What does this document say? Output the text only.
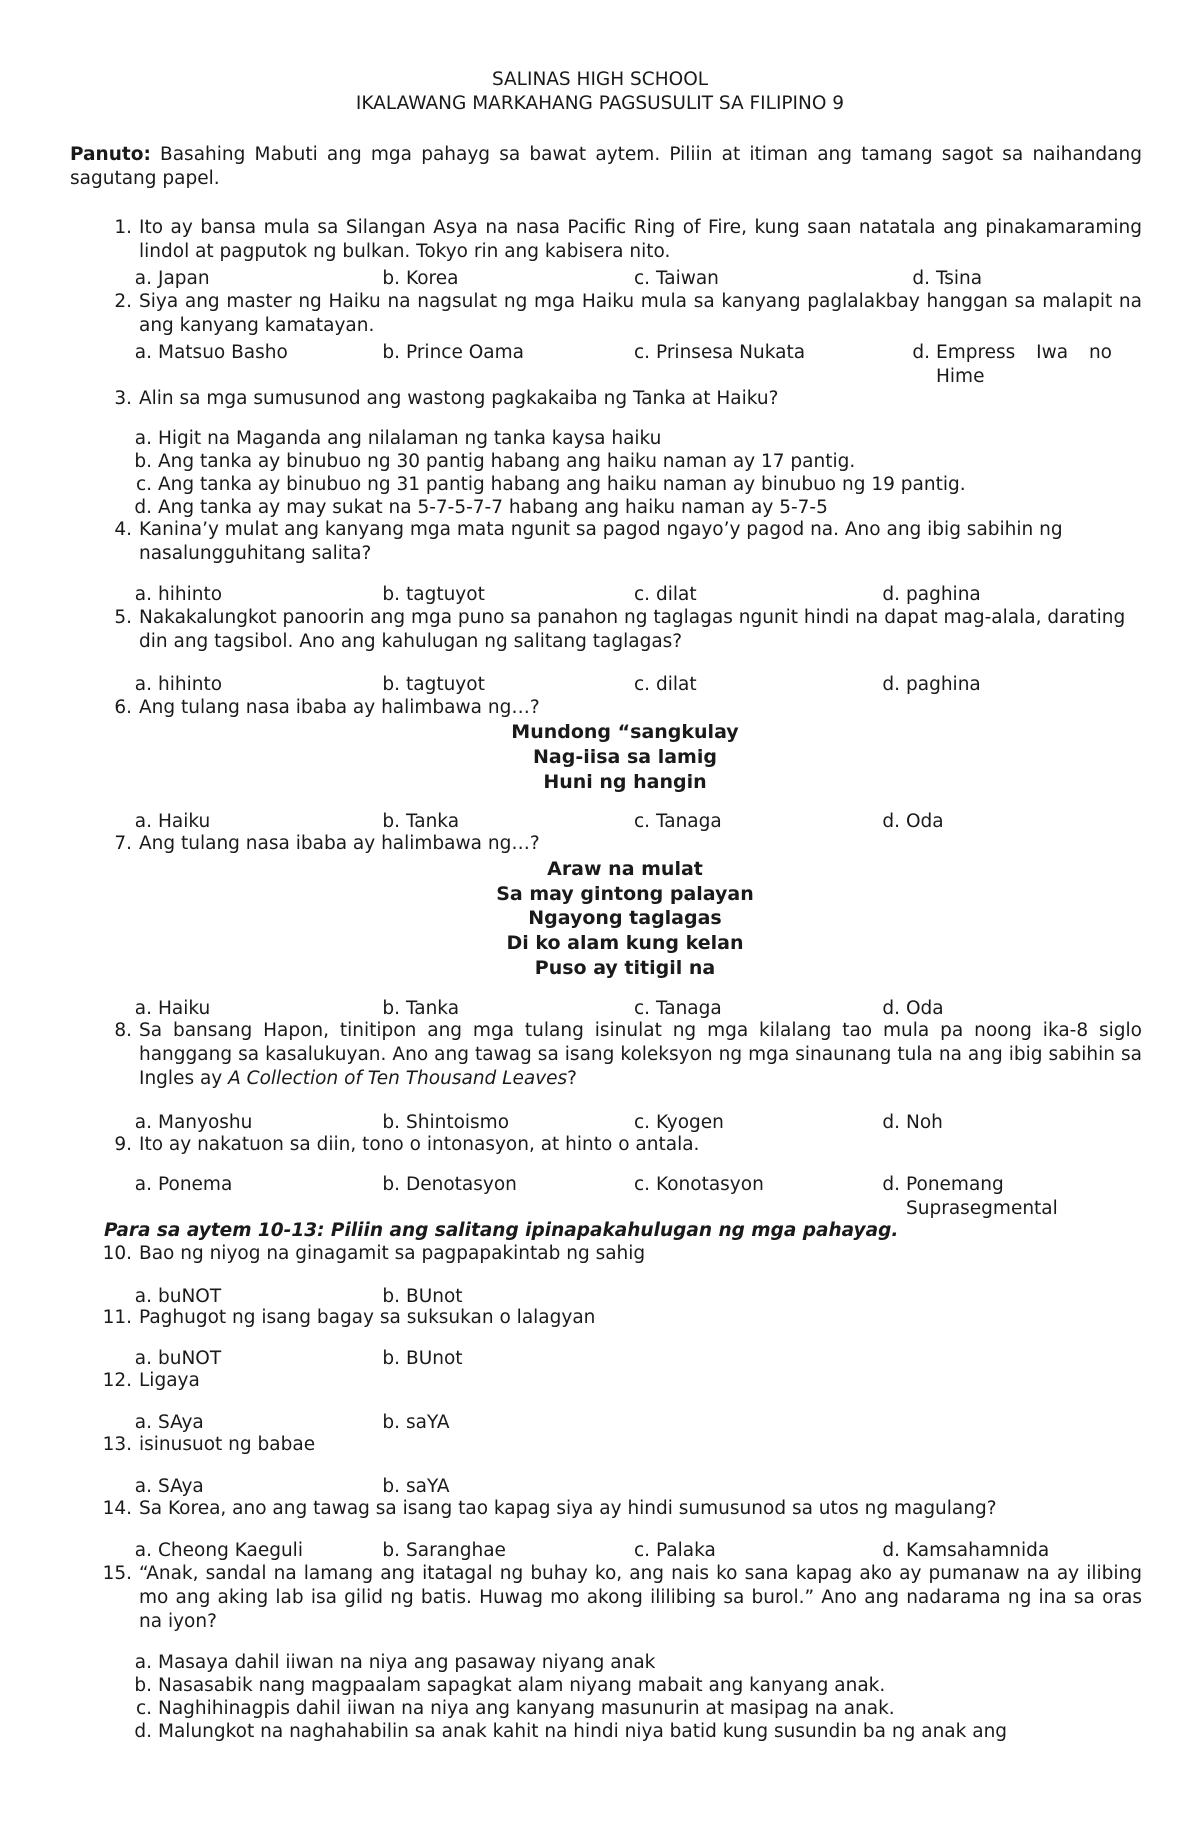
SALINAS HIGH SCHOOL
IKALAWANG MARKAHANG PAGSUSULIT SA FILIPINO 9
Panuto: Basahing Mabuti ang mga pahayg sa bawat aytem. Piliin at itiman ang tamang sagot sa naihandang sagutang papel.
1. Ito ay bansa mula sa Silangan Asya na nasa Pacific Ring of Fire, kung saan natatala ang pinakamaraming lindol at pagputok ng bulkan. Tokyo rin ang kabisera nito.
a. Japan	b. Korea	c. Taiwan	d. Tsina
2. Siya ang master ng Haiku na nagsulat ng mga Haiku mula sa kanyang paglalakbay hanggan sa malapit na ang kanyang kamatayan.
a. Matsuo Basho	b. Prince Oama	c. Prinsesa Nukata	d. Empress Iwa no Hime
3. Alin sa mga sumusunod ang wastong pagkakaiba ng Tanka at Haiku?
a. Higit na Maganda ang nilalaman ng tanka kaysa haiku
b. Ang tanka ay binubuo ng 30 pantig habang ang haiku naman ay 17 pantig.
c. Ang tanka ay binubuo ng 31 pantig habang ang haiku naman ay binubuo ng 19 pantig.
d. Ang tanka ay may sukat na 5-7-5-7-7 habang ang haiku naman ay 5-7-5
4. Kanina’y mulat ang kanyang mga mata ngunit sa pagod ngayo’y pagod na. Ano ang ibig sabihin ng nasalungguhitang salita?
a. hihinto	b. tagtuyot	c. dilat	d. paghina
5. Nakakalungkot panoorin ang mga puno sa panahon ng taglagas ngunit hindi na dapat mag-alala, darating din ang tagsibol. Ano ang kahulugan ng salitang taglagas?
a. hihinto	b. tagtuyot	c. dilat	d. paghina
6. Ang tulang nasa ibaba ay halimbawa ng…?
Mundong “sangkulay
Nag-iisa sa lamig
Huni ng hangin
a. Haiku	b. Tanka	c. Tanaga	d. Oda
7. Ang tulang nasa ibaba ay halimbawa ng…?
Araw na mulat
Sa may gintong palayan
Ngayong taglagas
Di ko alam kung kelan
Puso ay titigil na
a. Haiku	b. Tanka	c. Tanaga	d. Oda
8. Sa bansang Hapon, tinitipon ang mga tulang isinulat ng mga kilalang tao mula pa noong ika-8 siglo hanggang sa kasalukuyan. Ano ang tawag sa isang koleksyon ng mga sinaunang tula na ang ibig sabihin sa Ingles ay A Collection of Ten Thousand Leaves?
a. Manyoshu	b. Shintoismo	c. Kyogen	d. Noh
9. Ito ay nakatuon sa diin, tono o intonasyon, at hinto o antala.
a. Ponema	b. Denotasyon	c. Konotasyon	d. Ponemang Suprasegmental
Para sa aytem 10-13: Piliin ang salitang ipinapakahulugan ng mga pahayag.
10. Bao ng niyog na ginagamit sa pagpapakintab ng sahig
a. buNOT	b. BUnot
11. Paghugot ng isang bagay sa suksukan o lalagyan
a. buNOT	b. BUnot
12. Ligaya
a. SAya	b. saYA
13. isinusuot ng babae
a. SAya	b. saYA
14. Sa Korea, ano ang tawag sa isang tao kapag siya ay hindi sumusunod sa utos ng magulang?
a. Cheong Kaeguli	b. Saranghae	c. Palaka	d. Kamsahamnida
15. “Anak, sandal na lamang ang itatagal ng buhay ko, ang nais ko sana kapag ako ay pumanaw na ay ilibing mo ang aking lab isa gilid ng batis. Huwag mo akong ililibing sa burol.” Ano ang nadarama ng ina sa oras na iyon?
a. Masaya dahil iiwan na niya ang pasaway niyang anak
b. Nasasabik nang magpaalam sapagkat alam niyang mabait ang kanyang anak.
c. Naghihinagpis dahil iiwan na niya ang kanyang masunurin at masipag na anak.
d. Malungkot na naghahabilin sa anak kahit na hindi niya batid kung susundin ba ng anak ang
